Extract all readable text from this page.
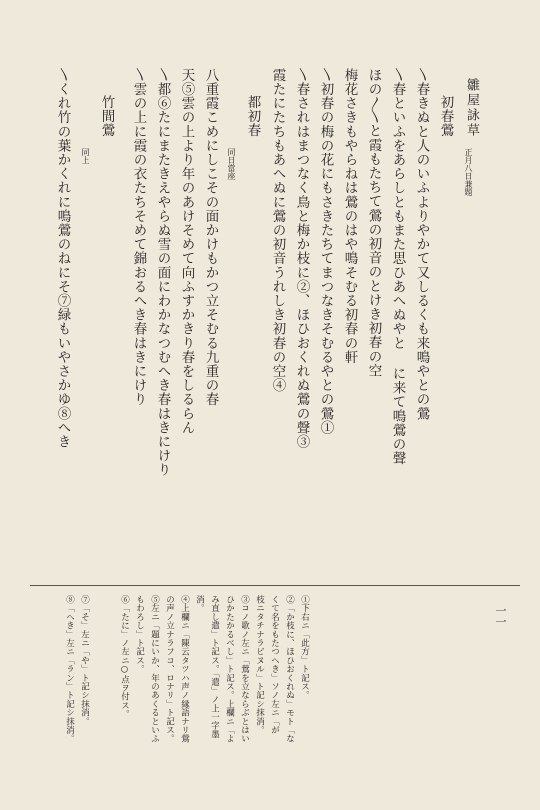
雛屋詠草
正月八日兼題
初春鶯
〵春きぬと人のいふよりやかて又しるくも来鳴やとの鶯
〵春といふをあらしともまた思ひあへぬやと に来て鳴鶯の聲
ほの〳〵と霞もたちて鶯の初音のとけき初春の空
梅花さきもやらねは鶯のはや鳴そむる初春の軒
〵初春の梅の花にもさきたちてまつなきそむるやとの鶯①
〵春されはまつなく鳥と梅か枝に②、ほひおくれぬ鶯の聲③
霞たにたちもあへぬに鶯の初音うれしき初春の空④
都初春
同日當座
八重霞こめにしこその面かけもかつ立そむる九重の春
天⑤雲の上より年のあけそめて向ふすかきり春をしるらん
〵都⑥たにまたきえやらぬ雪の面にわかなつむへき春はきにけり
〵雲の上に霞の衣たちそめて錦おるへき春はきにけり
竹間鶯
同上
〵くれ竹の葉かくれに鳴鶯のねにそ⑦緑もいやさかゆ⑧へき
一一
①下右ニ「此方」ト記ス。
②「か枝に、ほひおくれぬ」モト「な
くて名をもたつへき」ソノ左ニ「が
枝ニタチナラビヌル」ト記シ抹消。
③コノ歌ノ左ニ「鶯を立ならぶとはい
ひかたかるべし」ト記ス。上欄ニ「よ
み直し遣」ト記ス。「遣」ノ上一字墨
消。
④上欄ニ「陳云タツハ声ノ縁語ナリ鶯
の声ノ立ナラフコ、ロナリ」ト記ス。
⑤左ニ「題にいか、年のあくるといふ
もわろし」ト記ス。
⑥「たに」ノ左ニ○点ヲ付ス。
⑦「そ」左ニ「や」ト記シ抹消。
⑧「へき」左ニ「ラン」ト記シ抹消。
